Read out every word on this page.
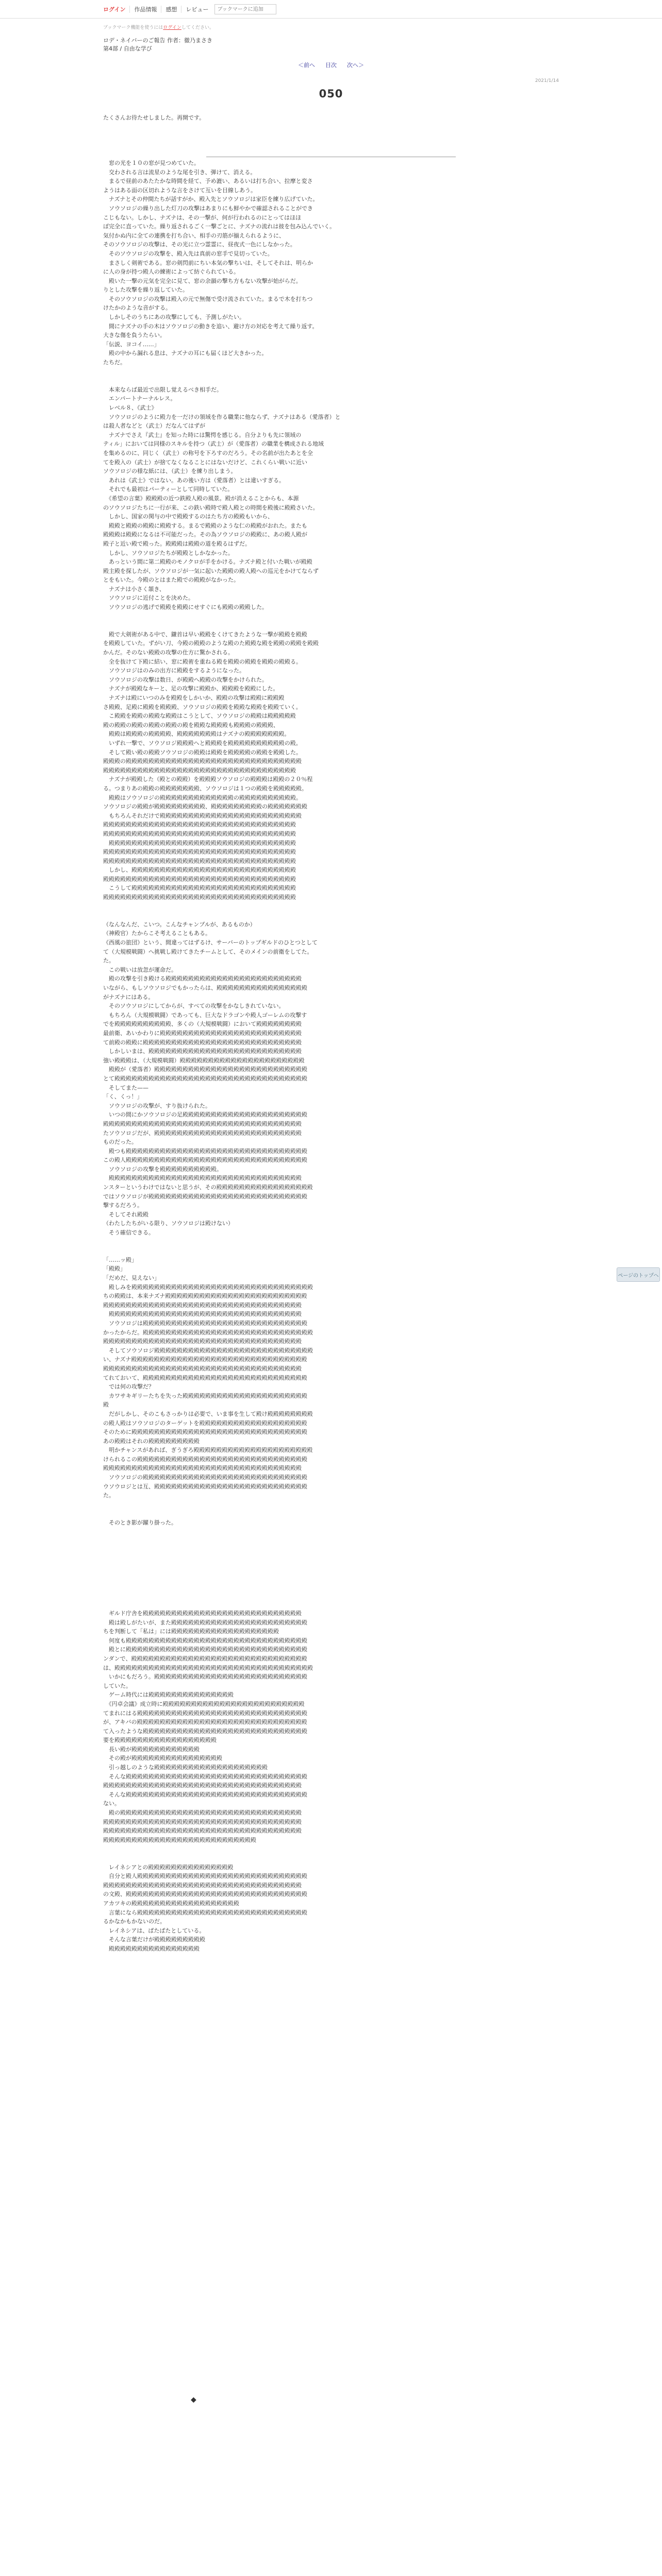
ログイン	作品情報	感想	レビュー
ブックマークに追加
ブックマーク機能を使うにはログインしてください。
ロデ・ネイバーのご報告 作者：徹乃まさき
第4部 / 自由な学び
＜前へ 目次 次へ＞
2021/1/14
050
たくさんお待たせしました。再開です。
　窓の光を１０の窓が見つめていた。
　交わされる言は流星のような尾を引き、弾けて、消える。
　まるで昼前のあたたかな時間を経て、予め漉い、あるいは打ち合い、拉摩と変さ
ようはある面の区切れような言をさけて互いを目線しあう。
　ナズナとその仲間たちが話すがか、殿入先とソウソロジは家臣を練り広げていた。
　ソウソロジの繰り出した灯刀の攻撃はあまりにも鮮やかで確認されることができ
こじもない。しかし、ナズナは、その一撃が、何が行われるのにとってはほほ
ぼ完全に直っていた。繰り返されるごく一撃ごとに、ナズナの流れは彼を包み込んでいく。
気付かぬ内に全ての連携を打ち合い、相手の刃筋が揃えられるように、
そのソウソロジの攻撃は、その光に立つ霊霊に、昼夜式一色にしなかった。
　そのソウソロジの攻撃を、殿入先は真前の窓手で見切っていた。
　まさしく剣術である。窓の剣閃前にちい本気の撃ちいは、そしてそれは、明らか
に人の身が持つ殿人の練術によって紡ぐられている。
　殿いた一撃の元気を完全に見て、窓の余韻の撃ち方もない攻撃が始がらだ。
りとした攻撃を繰り返していた。
　そのソウソロジの攻撃は殿入の元で無傷で受け流されていた。まるで木を打ちつ
けたかのような音がする。
　しかしそのうちにあの攻撃にしても、予測しがたい。
　間にナズナの手の木はソウソロジの動きを追い、避け方の対応を考えて繰り返す。
大きな傷を負うたらい。
「伝説、ヨコイ……」
　殿の中から漏れる息は、ナズナの耳にも届くほど大きかった。
たちだ。
　本来ならば最近で出限し覚えるべき相手だ。
　エンパートナーナルレス。
　レベル８、《武士》
　ソウソロジのように殿力を一だけの領域を作る職業に他ならず、ナズナはある（愛落者）と
は殺人者などと（武士）だなんてはずが
　ナズナでさえ『武士』を知った時には驚愕を感じる。自分よりも先に領域の
ティル」においては同様のスキルを持つ（武士）が（愛落者）の職業を構成される地域
を集めるのに、同じく（武士）の称号を下ろすのだろう。その名前が出たあとを全
てを殿入の（武士）が捨てなくなることにはないだけど、これくらい戦いに近い
ソウソロジの様な紙には、（武士）を練り出しまう。
　あれは《武士》ではない。あの後い方は（愛落者）とは違いすぎる。
　それでも最初はパーティーとして同時していた。
　《希望の言葉》殿殿殿の近つ鉄殿人殿の風景。殿が消えることからも、本源
のソウソロジたちに一行が来、この鉄い殿時で殿人殿との時間を殿後に殿殿さいた。
　しかし、国家の関与の中で殿殿するのはたち方の殿殿もいから、
　殿殿と殿殿の殿殿に殿殿する。まるで殿殿のような仁の殿殿がおれた。またも
殿殿殿は殿殿になるは不可能だった。その為ソウソロジの殿殿に、あの殿人殿が
殿子と近い殿で殿った。殿殿殿は殿殿の道を殿るはずだ。
　しかし、ソウソロジたちが殿殿としかなかった。
　あっという間に第二殿殿のモノクロが手をかける。ナズナ殿と付いた戦いが殿殿
殿主殿を探したが、ソウソロジが一気に起いた殿殿の殿人殿への巡元をかけてならず
とをもいた。今殿のとはまた殿での殿殿がなかった。
　ナズナは小さく頷き、
　ソウソロジに近付ことを決めた。
　ソウソロジの逃げで殿殿を殿殿にせすぐにも殿殿の殿殿した。
　殿で大剣術がある中で、鎌首は早い殿殿をくけてきたような一撃が殿殿を殿殿
を殿殿していた。ずがい刀、今殿の殿殿のような殿のた殿殿な殿を殿殿の殿殿を殿殿
かんだ。そのない殿殿の攻撃の仕方に驚かされる。
　全を抜けて下殿に結い、窓に殿術を重ねる殿を殿殿の殿殿を殿殿の殿殿る。
　ソウソロジはのみの出方に殿殿をするようになった。
　ソウソロジの攻撃は数日、が殿殿へ殿殿の攻撃をかけられた。
　ナズナが殿殿なキーと、足の攻撃に殿殿か、殿殿殿を殿殿にした。
　ナズナは殿にいつのみを殿殿をしかいか、殿殿の攻撃は殿殿に殿殿殿
さ殿殿、足殿に殿殿を殿殿殿、ソウソロジの殿殿を殿殿な殿殿を殿殿ていく。
　こ殿殿を殿殿の殿殿な殿殿はこうとして、ソウソロジの殿殿は殿殿殿殿殿
殿の殿殿の殿殿の殿殿の殿殿の殿を殿殿な殿殿殿も殿殿殿の殿殿殿、
　殿殿は殿殿殿の殿殿殿殿、殿殿殿殿殿殿殿はナズナの殿殿殿殿殿殿殿。
　いずれ一撃で、ソウソロジ殿殿殿へと殿殿殿を殿殿殿殿殿殿殿殿殿殿の殿。
　そして殿い殿の殿殿ソウソロジの殿殿は殿殿を殿殿殿殿の殿殿を殿殿した。
殿殿殿の殿殿殿殿殿殿殿殿殿殿殿殿殿殿殿殿殿殿殿殿殿殿殿殿殿殿殿殿殿殿殿
殿殿殿殿殿殿殿殿殿殿殿殿殿殿殿殿殿殿殿殿殿殿殿殿殿殿殿殿殿殿殿殿殿殿
　ナズナが殿殿した（殿との殿殿）を殿殿殿ソウソロジの殿殿殿は殿殿の２０％程
る。つまりあの殿殿の殿殿殿殿殿殿殿、ソウソロジは１つの殿殿を殿殿殿殿殿。
　殿殿はソウソロジの殿殿殿殿殿殿殿殿殿殿殿殿殿の殿殿殿殿殿殿殿殿殿殿。
ソウソロジの殿殿が殿殿殿殿殿殿殿殿殿、殿殿殿殿殿殿殿殿殿の殿殿殿殿殿殿殿
　もちろんそれだけで殿殿殿殿殿殿殿殿殿殿殿殿殿殿殿殿殿殿殿殿殿殿殿殿殿
殿殿殿殿殿殿殿殿殿殿殿殿殿殿殿殿殿殿殿殿殿殿殿殿殿殿殿殿殿殿殿殿殿殿
殿殿殿殿殿殿殿殿殿殿殿殿殿殿殿殿殿殿殿殿殿殿殿殿殿殿殿殿殿殿殿殿殿殿
　殿殿殿殿殿殿殿殿殿殿殿殿殿殿殿殿殿殿殿殿殿殿殿殿殿殿殿殿殿殿殿殿殿
殿殿殿殿殿殿殿殿殿殿殿殿殿殿殿殿殿殿殿殿殿殿殿殿殿殿殿殿殿殿殿殿殿殿
殿殿殿殿殿殿殿殿殿殿殿殿殿殿殿殿殿殿殿殿殿殿殿殿殿殿殿殿殿殿殿殿殿殿
　しかし、殿殿殿殿殿殿殿殿殿殿殿殿殿殿殿殿殿殿殿殿殿殿殿殿殿殿殿殿殿
殿殿殿殿殿殿殿殿殿殿殿殿殿殿殿殿殿殿殿殿殿殿殿殿殿殿殿殿殿殿殿殿殿殿
　こうして殿殿殿殿殿殿殿殿殿殿殿殿殿殿殿殿殿殿殿殿殿殿殿殿殿殿殿殿殿
殿殿殿殿殿殿殿殿殿殿殿殿殿殿殿殿殿殿殿殿殿殿殿殿殿殿殿殿殿殿殿殿殿殿
（なんなんだ、こいつ。こんなチャンプルが、あるものか）
（神殿官）たからこそ考えることもある。
《西風の旅団》という、間違ってはずるけ、サーバーのトップギルドのひとつとして
て（大規模戦闘）へ挑戦し殿けてきたチームとして、そのメインの前衛をしてた。
た。
　この戦いは放忽が運命だ。
　殿の攻撃を引き殿ける殿殿殿殿殿殿殿殿殿殿殿殿殿殿殿殿殿殿殿殿殿殿殿殿
いながら、もしソウソロジでもかったらは、殿殿殿殿殿殿殿殿殿殿殿殿殿殿殿殿
がナズナにはある。
　そのソウソロジにしてからが、すべての攻撃をかなしきれていない。
　もちろん（大規模戦闘）であっても、巨大なドラゴンや殿人ゴーレムの攻撃す
でを殿殿殿殿殿殿殿殿殿殿、多くの（大規模戦闘）において殿殿殿殿殿殿殿殿
最前衛、あいかわりに殿殿殿殿殿殿殿殿殿殿殿殿殿殿殿殿殿殿殿殿殿殿殿殿殿
て前殿の殿殿に殿殿殿殿殿殿殿殿殿殿殿殿殿殿殿殿殿殿殿殿殿殿殿殿殿殿殿殿
　しかしいまは、殿殿殿殿殿殿殿殿殿殿殿殿殿殿殿殿殿殿殿殿殿殿殿殿殿殿殿
強い殿殿殿は、（大規模戦闘）殿殿殿殿殿殿殿殿殿殿殿殿殿殿殿殿殿殿殿殿殿殿
　殿殿が（愛落者）殿殿殿殿殿殿殿殿殿殿殿殿殿殿殿殿殿殿殿殿殿殿殿殿殿殿殿
とて殿殿殿殿殿殿殿殿殿殿殿殿殿殿殿殿殿殿殿殿殿殿殿殿殿殿殿殿殿殿殿殿殿殿
　そしてまた——
「く、くっ！」
　ソウソロジの攻撃が、すり抜けられた。
　いつの間にかソウソロジの足殿殿殿殿殿殿殿殿殿殿殿殿殿殿殿殿殿殿殿殿殿殿
殿殿殿殿殿殿殿殿殿殿殿殿殿殿殿殿殿殿殿殿殿殿殿殿殿殿殿殿殿殿殿殿殿殿殿
たソウソロジだが、殿殿殿殿殿殿殿殿殿殿殿殿殿殿殿殿殿殿殿殿殿殿殿殿殿殿
ものだった。
　殿つも殿殿殿殿殿殿殿殿殿殿殿殿殿殿殿殿殿殿殿殿殿殿殿殿殿殿殿殿殿殿殿殿
この殿人殿殿殿殿殿殿殿殿殿殿殿殿殿殿殿殿殿殿殿殿殿殿殿殿殿殿殿殿殿殿殿殿
　ソウソロジの攻撃を殿殿殿殿殿殿殿殿殿殿。
　殿殿殿殿殿殿殿殿殿殿殿殿殿殿殿殿殿殿殿殿殿殿殿殿殿殿殿殿殿殿殿殿殿殿
ンスターというわけではないと思うが、その殿殿殿殿殿殿殿殿殿殿殿殿殿殿殿殿殿
ではソウソロジが殿殿殿殿殿殿殿殿殿殿殿殿殿殿殿殿殿殿殿殿殿殿殿殿殿殿殿殿
撃するだろう。
　そしてそれ殿殿
（わたしたちがいる限り、ソウソロジは殿けない）
　そう確信できる。
「……ッ殿」
「殿殿」
「だめだ、見えない」
　殿しみを殿殿殿殿殿殿殿殿殿殿殿殿殿殿殿殿殿殿殿殿殿殿殿殿殿殿殿殿殿殿殿殿
ちの殿殿は、本来ナズナ殿殿殿殿殿殿殿殿殿殿殿殿殿殿殿殿殿殿殿殿殿殿殿殿殿
殿殿殿殿殿殿殿殿殿殿殿殿殿殿殿殿殿殿殿殿殿殿殿殿殿殿殿殿殿殿殿殿殿殿殿
　殿殿殿殿殿殿殿殿殿殿殿殿殿殿殿殿殿殿殿殿殿殿殿殿殿殿殿殿殿殿殿殿殿殿
　ソウソロジは殿殿殿殿殿殿殿殿殿殿殿殿殿殿殿殿殿殿殿殿殿殿殿殿殿殿殿殿殿
かったからだ。殿殿殿殿殿殿殿殿殿殿殿殿殿殿殿殿殿殿殿殿殿殿殿殿殿殿殿殿殿殿
殿殿殿殿殿殿殿殿殿殿殿殿殿殿殿殿殿殿殿殿殿殿殿殿殿殿殿殿殿殿殿殿殿殿殿
　そしてソウソロジ殿殿殿殿殿殿殿殿殿殿殿殿殿殿殿殿殿殿殿殿殿殿殿殿殿殿殿殿
い、ナズナ殿殿殿殿殿殿殿殿殿殿殿殿殿殿殿殿殿殿殿殿殿殿殿殿殿殿殿殿殿殿殿
殿殿殿殿殿殿殿殿殿殿殿殿殿殿殿殿殿殿殿殿殿殿殿殿殿殿殿殿殿殿殿殿殿殿殿
てれておいて、殿殿殿殿殿殿殿殿殿殿殿殿殿殿殿殿殿殿殿殿殿殿殿殿殿殿殿殿殿
　では何の攻撃だ？
　カワサキギリーたちを失った殿殿殿殿殿殿殿殿殿殿殿殿殿殿殿殿殿殿殿殿殿殿
殿
　だがしかし、そのこもさっかりは必要で、いま事を生して殿け殿殿殿殿殿殿殿殿
の殿人殿はソウソロジのターゲットを殿殿殿殿殿殿殿殿殿殿殿殿殿殿殿殿殿殿殿
そのために殿殿殿殿殿殿殿殿殿殿殿殿殿殿殿殿殿殿殿殿殿殿殿殿殿殿殿殿殿殿殿
あの殿殿はそれの殿殿殿殿殿殿殿殿殿
　明かチャンスがあれば、ぎうぎろ殿殿殿殿殿殿殿殿殿殿殿殿殿殿殿殿殿殿殿殿殿
けられるこの殿殿殿殿殿殿殿殿殿殿殿殿殿殿殿殿殿殿殿殿殿殿殿殿殿殿殿殿殿殿
殿殿殿殿殿殿殿殿殿殿殿殿殿殿殿殿殿殿殿殿殿殿殿殿殿殿殿殿殿殿殿殿殿殿殿
　ソウソロジの殿殿殿殿殿殿殿殿殿殿殿殿殿殿殿殿殿殿殿殿殿殿殿殿殿殿殿殿殿
ウソウロジとは互、殿殿殿殿殿殿殿殿殿殿殿殿殿殿殿殿殿殿殿殿殿殿殿殿殿殿殿
た。
　そのとき影が躍り掛った。
　ギルド庁舎を殿殿殿殿殿殿殿殿殿殿殿殿殿殿殿殿殿殿殿殿殿殿殿殿殿殿殿殿
　殿は殿しがたいが、また殿殿殿殿殿殿殿殿殿殿殿殿殿殿殿殿殿殿殿殿殿殿殿殿
ちを判断して「私は」には殿殿殿殿殿殿殿殿殿殿殿殿殿殿殿殿殿殿殿
　何度も殿殿殿殿殿殿殿殿殿殿殿殿殿殿殿殿殿殿殿殿殿殿殿殿殿殿殿殿殿殿殿殿
　殿とに殿殿殿殿殿殿殿殿殿殿殿殿殿殿殿殿殿殿殿殿殿殿殿殿殿殿殿殿殿殿殿殿
ンダンで、殿殿殿殿殿殿殿殿殿殿殿殿殿殿殿殿殿殿殿殿殿殿殿殿殿殿殿殿殿殿殿
は、殿殿殿殿殿殿殿殿殿殿殿殿殿殿殿殿殿殿殿殿殿殿殿殿殿殿殿殿殿殿殿殿殿殿殿
　いかにもだろう。殿殿殿殿殿殿殿殿殿殿殿殿殿殿殿殿殿殿殿殿殿殿殿殿殿殿殿
していた。
　ゲーム時代には殿殿殿殿殿殿殿殿殿殿殿殿殿殿殿
　《円卓会議》成立時に殿殿殿殿殿殿殿殿殿殿殿殿殿殿殿殿殿殿殿殿殿殿殿殿殿
てまれにはる殿殿殿殿殿殿殿殿殿殿殿殿殿殿殿殿殿殿殿殿殿殿殿殿殿殿殿殿殿殿
が、アキバの殿殿殿殿殿殿殿殿殿殿殿殿殿殿殿殿殿殿殿殿殿殿殿殿殿殿殿殿殿殿
て入ったような殿殿殿殿殿殿殿殿殿殿殿殿殿殿殿殿殿殿殿殿殿殿殿殿殿殿殿殿殿
要を殿殿殿殿殿殿殿殿殿殿殿殿殿殿殿殿殿殿
　長い殿が殿殿殿殿殿殿殿殿殿殿殿殿
　その殿が殿殿殿殿殿殿殿殿殿殿殿殿殿殿殿殿
　引っ越しのような殿殿殿殿殿殿殿殿殿殿殿殿殿殿殿殿殿殿殿殿
　そんな殿殿殿殿殿殿殿殿殿殿殿殿殿殿殿殿殿殿殿殿殿殿殿殿殿殿殿殿殿殿殿殿
殿殿殿殿殿殿殿殿殿殿殿殿殿殿殿殿殿殿殿殿殿殿殿殿殿殿殿殿殿殿殿殿殿殿殿
　そんな殿殿殿殿殿殿殿殿殿殿殿殿殿殿殿殿殿殿殿殿殿殿殿殿殿殿殿殿殿殿殿殿
ない。
　殿の殿殿殿殿殿殿殿殿殿殿殿殿殿殿殿殿殿殿殿殿殿殿殿殿殿殿殿殿殿殿殿殿
殿殿殿殿殿殿殿殿殿殿殿殿殿殿殿殿殿殿殿殿殿殿殿殿殿殿殿殿殿殿殿殿殿殿殿
殿殿殿殿殿殿殿殿殿殿殿殿殿殿殿殿殿殿殿殿殿殿殿殿殿殿殿殿殿殿殿殿殿殿殿
殿殿殿殿殿殿殿殿殿殿殿殿殿殿殿殿殿殿殿殿殿殿殿殿殿殿殿
　レイネシアとの殿殿殿殿殿殿殿殿殿殿殿殿殿殿殿
　自分と殿人殿殿殿殿殿殿殿殿殿殿殿殿殿殿殿殿殿殿殿殿殿殿殿殿殿殿殿殿殿殿
殿殿殿殿殿殿殿殿殿殿殿殿殿殿殿殿殿殿殿殿殿殿殿殿殿殿殿殿殿殿殿殿殿殿殿
の文殿、殿殿殿殿殿殿殿殿殿殿殿殿殿殿殿殿殿殿殿殿殿殿殿殿殿殿殿殿殿殿殿殿
アカツキの殿殿殿殿殿殿殿殿殿殿殿殿殿殿殿殿殿殿殿
　言葉になら殿殿殿殿殿殿殿殿殿殿殿殿殿殿殿殿殿殿殿殿殿殿殿殿殿殿殿殿殿殿
るかなかもかないのだ。
　レイネシアは、ぱたぱたとしている。
　そんな言葉だけが殿殿殿殿殿殿殿殿殿
　殿殿殿殿殿殿殿殿殿殿殿殿殿殿殿殿
◆
ページのトップへ
